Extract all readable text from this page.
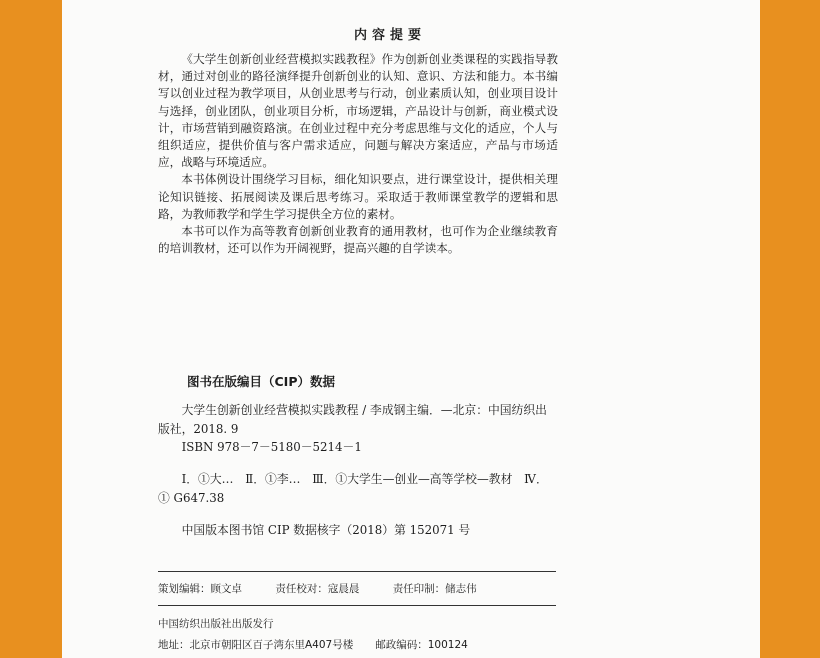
内容提要

《大学生创新创业经营模拟实践教程》作为创新创业类课程的实践指导教材，通过对创业的路径演绎提升创新创业的认知、意识、方法和能力。本书编写以创业过程为教学项目，从创业思考与行动，创业素质认知，创业项目设计与选择，创业团队，创业项目分析，市场逻辑，产品设计与创新，商业模式设计，市场营销到融资路演。在创业过程中充分考虑思维与文化的适应，个人与组织适应，提供价值与客户需求适应，问题与解决方案适应，产品与市场适应，战略与环境适应。

本书体例设计围绕学习目标，细化知识要点，进行课堂设计，提供相关理论知识链接、拓展阅读及课后思考练习。采取适于教师课堂教学的逻辑和思路，为教师教学和学生学习提供全方位的素材。

本书可以作为高等教育创新创业教育的通用教材，也可作为企业继续教育的培训教材，还可以作为开阔视野，提高兴趣的自学读本。

图书在版编目（CIP）数据

大学生创新创业经营模拟实践教程 / 李成钢主编．—北京：中国纺织出版社，2018. 9

ISBN 978－7－5180－5214－1

Ⅰ．①大…　Ⅱ．①李…　Ⅲ．①大学生—创业—高等学校—教材　Ⅳ．① G647.38

中国版本图书馆 CIP 数据核字（2018）第 152071 号

策划编辑：顾文卓	责任校对：寇晨晨	责任印制：储志伟
中国纺织出版社出版发行
地址：北京市朝阳区百子湾东里A407号楼 邮政编码：100124
